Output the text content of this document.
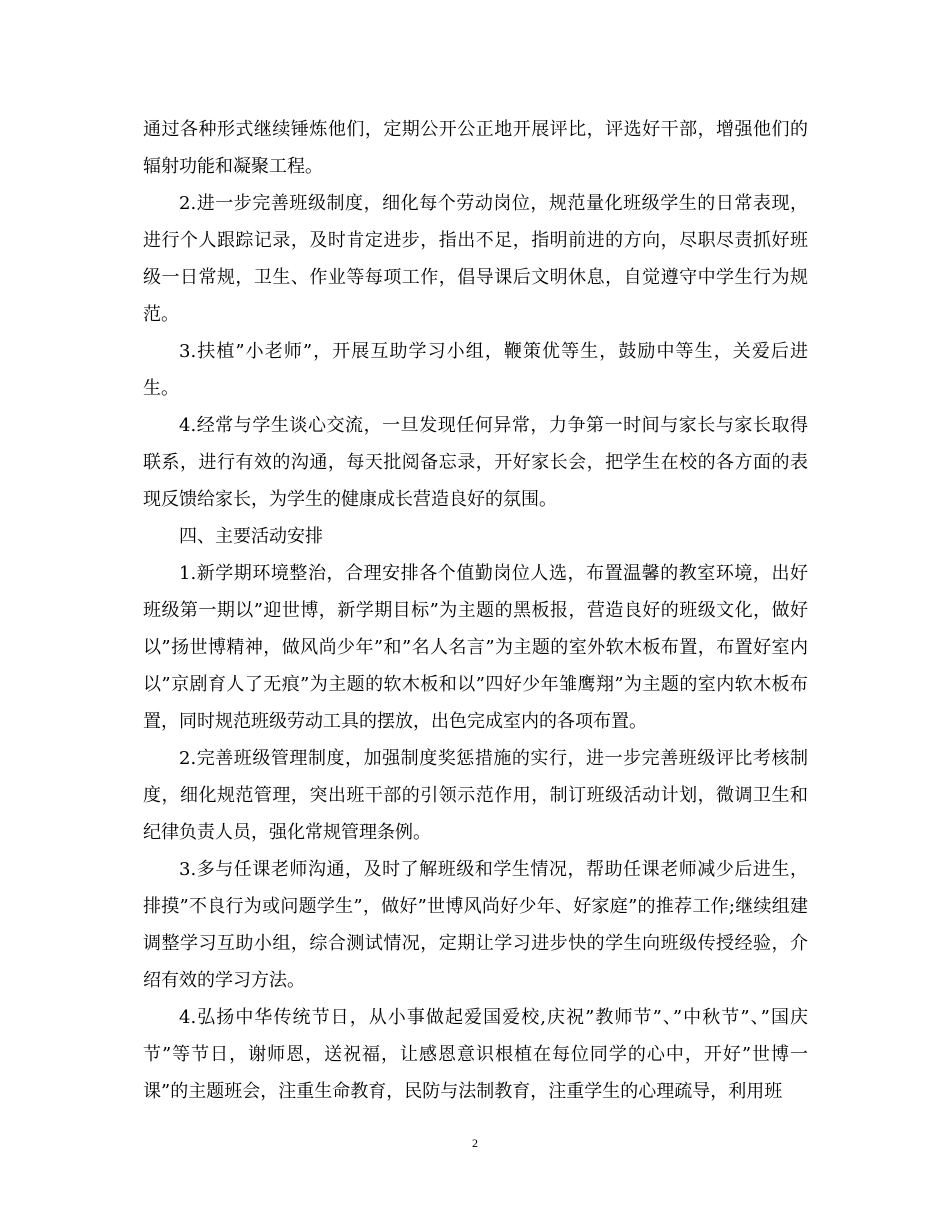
通过各种形式继续锤炼他们，定期公开公正地开展评比，评选好干部，增强他们的辐射功能和凝聚工程。

2.进一步完善班级制度，细化每个劳动岗位，规范量化班级学生的日常表现，进行个人跟踪记录，及时肯定进步，指出不足，指明前进的方向，尽职尽责抓好班级一日常规，卫生、作业等每项工作，倡导课后文明休息，自觉遵守中学生行为规范。

3.扶植”小老师”，开展互助学习小组，鞭策优等生，鼓励中等生，关爱后进生。

4.经常与学生谈心交流，一旦发现任何异常，力争第一时间与家长与家长取得联系，进行有效的沟通，每天批阅备忘录，开好家长会，把学生在校的各方面的表现反馈给家长，为学生的健康成长营造良好的氛围。

四、主要活动安排

1.新学期环境整治，合理安排各个值勤岗位人选，布置温馨的教室环境，出好班级第一期以”迎世博，新学期目标”为主题的黑板报，营造良好的班级文化，做好以”扬世博精神，做风尚少年”和”名人名言”为主题的室外软木板布置，布置好室内以”京剧育人了无痕”为主题的软木板和以”四好少年雏鹰翔”为主题的室内软木板布置，同时规范班级劳动工具的摆放，出色完成室内的各项布置。

2.完善班级管理制度，加强制度奖惩措施的实行，进一步完善班级评比考核制度，细化规范管理，突出班干部的引领示范作用，制订班级活动计划，微调卫生和纪律负责人员，强化常规管理条例。

3.多与任课老师沟通，及时了解班级和学生情况，帮助任课老师减少后进生，排摸”不良行为或问题学生”，做好”世博风尚好少年、好家庭”的推荐工作;继续组建调整学习互助小组，综合测试情况，定期让学习进步快的学生向班级传授经验，介绍有效的学习方法。

4.弘扬中华传统节日，从小事做起爱国爱校,庆祝”教师节”、”中秋节”、”国庆节”等节日，谢师恩，送祝福，让感恩意识根植在每位同学的心中，开好”世博一课”的主题班会，注重生命教育，民防与法制教育，注重学生的心理疏导，利用班

2
